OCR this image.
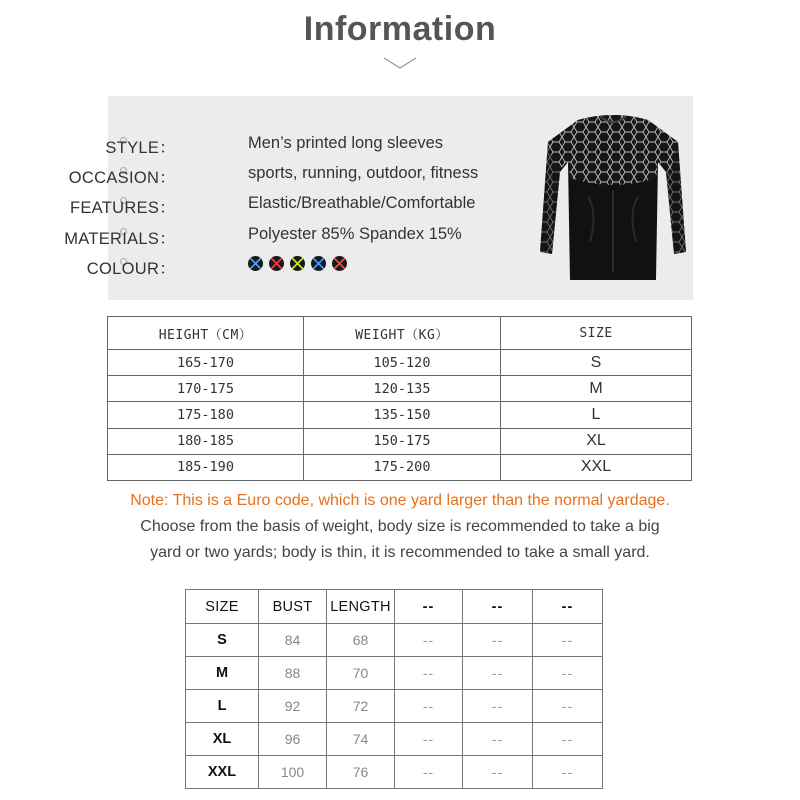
Information
STYLE：	Men’s printed long sleeves
OCCASION：	sports, running, outdoor, fitness
FEATURES：	Elastic/Breathable/Comfortable
MATERIALS：	Polyester 85% Spandex 15%
COLOUR：
HEIGHT（CM）	WEIGHT（KG）	SIZE
165-170	105-120	S
170-175	120-135	M
175-180	135-150	L
180-185	150-175	XL
185-190	175-200	XXL
Note: This is a Euro code, which is one yard larger than the normal yardage.
Choose from the basis of weight, body size is recommended to take a big
yard or two yards; body is thin, it is recommended to take a small yard.
SIZE	BUST	LENGTH	--	--	--
S	84	68	--	--	--
M	88	70	--	--	--
L	92	72	--	--	--
XL	96	74	--	--	--
XXL	100	76	--	--	--
